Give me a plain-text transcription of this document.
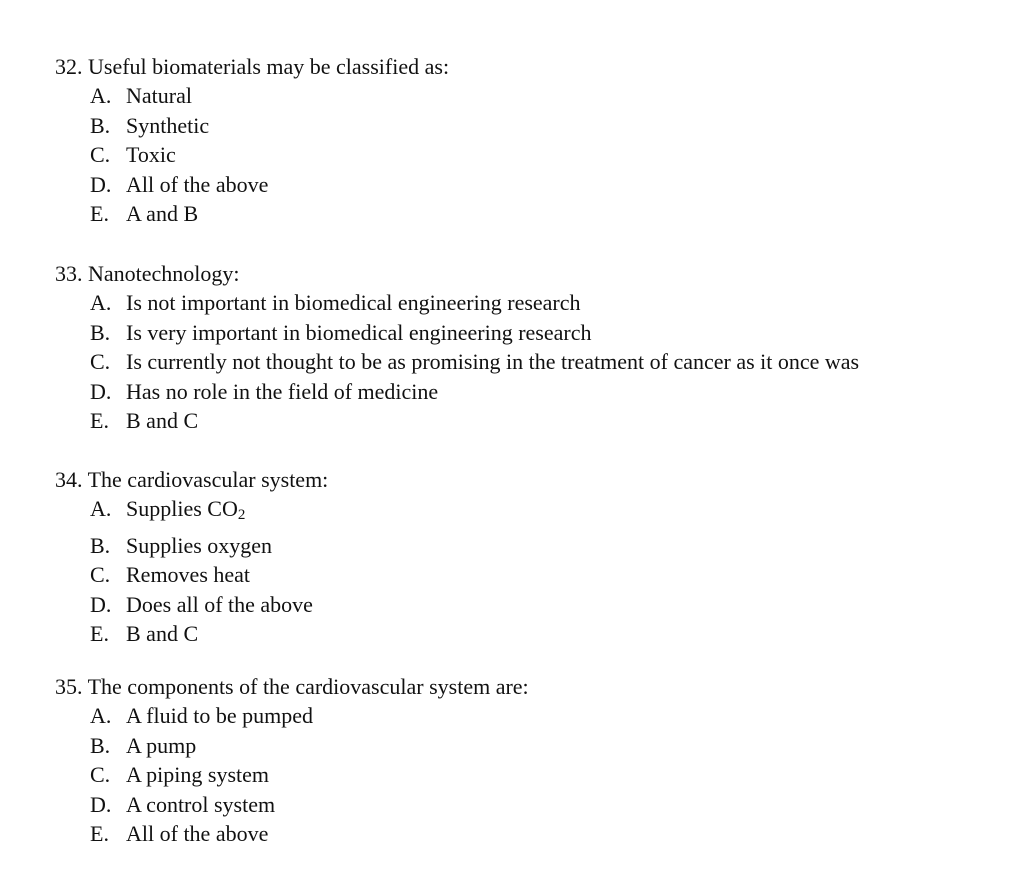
32. Useful biomaterials may be classified as:
A. Natural
B. Synthetic
C. Toxic
D. All of the above
E. A and B
33. Nanotechnology:
A. Is not important in biomedical engineering research
B. Is very important in biomedical engineering research
C. Is currently not thought to be as promising in the treatment of cancer as it once was
D. Has no role in the field of medicine
E. B and C
34. The cardiovascular system:
A. Supplies $CO_2$
B. Supplies oxygen
C. Removes heat
D. Does all of the above
E. B and C
35. The components of the cardiovascular system are:
A. A fluid to be pumped
B. A pump
C. A piping system
D. A control system
E. All of the above
